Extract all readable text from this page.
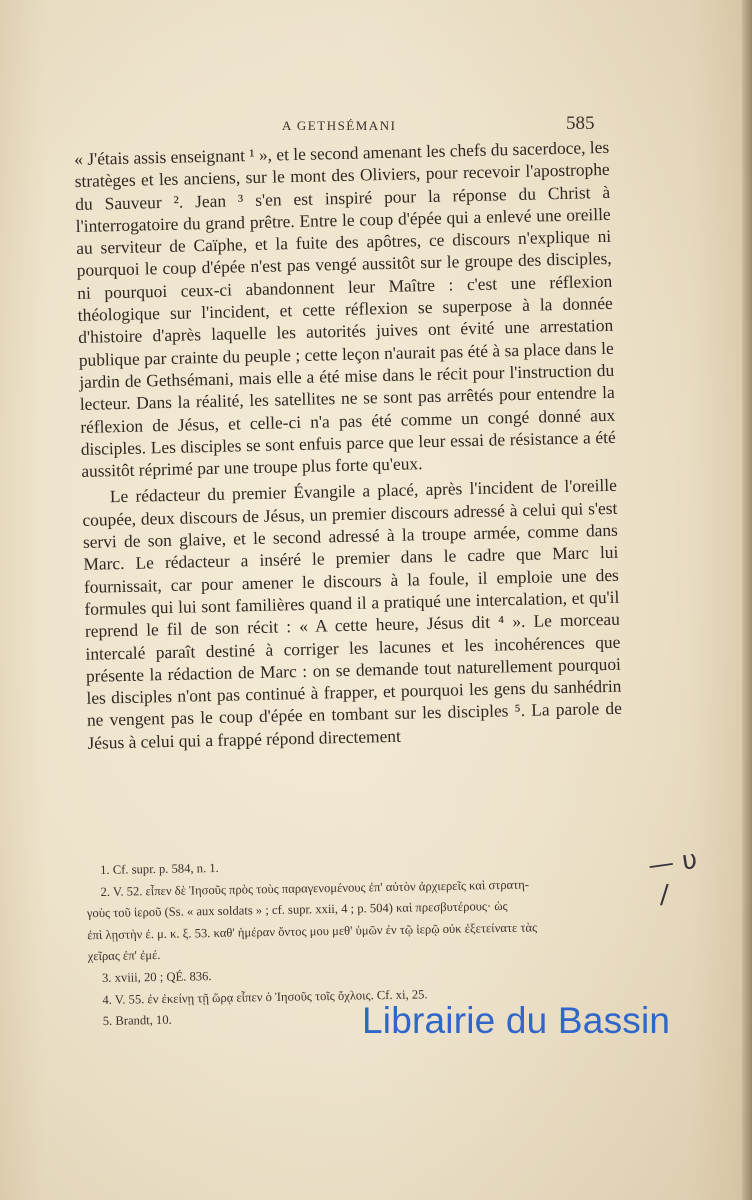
A GETHSÉMANI	585

« J'étais assis enseignant ¹ », et le second amenant les chefs du sacerdoce, les stratèges et les anciens, sur le mont des Oliviers, pour recevoir l'apostrophe du Sauveur ². Jean ³ s'en est inspiré pour la réponse du Christ à l'interrogatoire du grand prêtre. Entre le coup d'épée qui a enlevé une oreille au serviteur de Caïphe, et la fuite des apôtres, ce discours n'explique ni pourquoi le coup d'épée n'est pas vengé aussitôt sur le groupe des disciples, ni pourquoi ceux-ci abandonnent leur Maître : c'est une réflexion théologique sur l'incident, et cette réflexion se superpose à la donnée d'histoire d'après laquelle les autorités juives ont évité une arrestation publique par crainte du peuple ; cette leçon n'aurait pas été à sa place dans le jardin de Gethsémani, mais elle a été mise dans le récit pour l'instruction du lecteur. Dans la réalité, les satellites ne se sont pas arrêtés pour entendre la réflexion de Jésus, et celle-ci n'a pas été comme un congé donné aux disciples. Les disciples se sont enfuis parce que leur essai de résistance a été aussitôt réprimé par une troupe plus forte qu'eux.

Le rédacteur du premier Évangile a placé, après l'incident de l'oreille coupée, deux discours de Jésus, un premier discours adressé à celui qui s'est servi de son glaive, et le second adressé à la troupe armée, comme dans Marc. Le rédacteur a inséré le premier dans le cadre que Marc lui fournissait, car pour amener le discours à la foule, il emploie une des formules qui lui sont familières quand il a pratiqué une intercalation, et qu'il reprend le fil de son récit : « A cette heure, Jésus dit ⁴ ». Le morceau intercalé paraît destiné à corriger les lacunes et les incohérences que présente la rédaction de Marc : on se demande tout naturellement pourquoi les disciples n'ont pas continué à frapper, et pourquoi les gens du sanhédrin ne vengent pas le coup d'épée en tombant sur les disciples ⁵. La parole de Jésus à celui qui a frappé répond directement

1. Cf. supr. p. 584, n. 1.
2. V. 52. εἶπεν δὲ Ἰησοῦς πρὸς τοὺς παραγενομένους ἐπ' αὐτὸν ἀρχιερεῖς καὶ στρατη-
γοὺς τοῦ ἱεροῦ (Ss. « aux soldats » ; cf. supr. xxii, 4 ; p. 504) καὶ πρεσβυτέρους· ὡς
ἐπὶ λῃστὴν ἐ. μ. κ. ξ. 53. καθ' ἡμέραν ὄντος μου μεθ' ὑμῶν ἐν τῷ ἱερῷ οὐκ ἐξετείνατε τὰς
χεῖρας ἐπ' ἐμέ.
3. xviii, 20 ; QÉ. 836.
4. V. 55. ἐν ἐκείνῃ τῇ ὥρᾳ εἶπεν ὁ Ἰησοῦς τοῖς ὄχλοις. Cf. xi, 25.
5. Brandt, 10.
— υ
/
Librairie du Bassin
